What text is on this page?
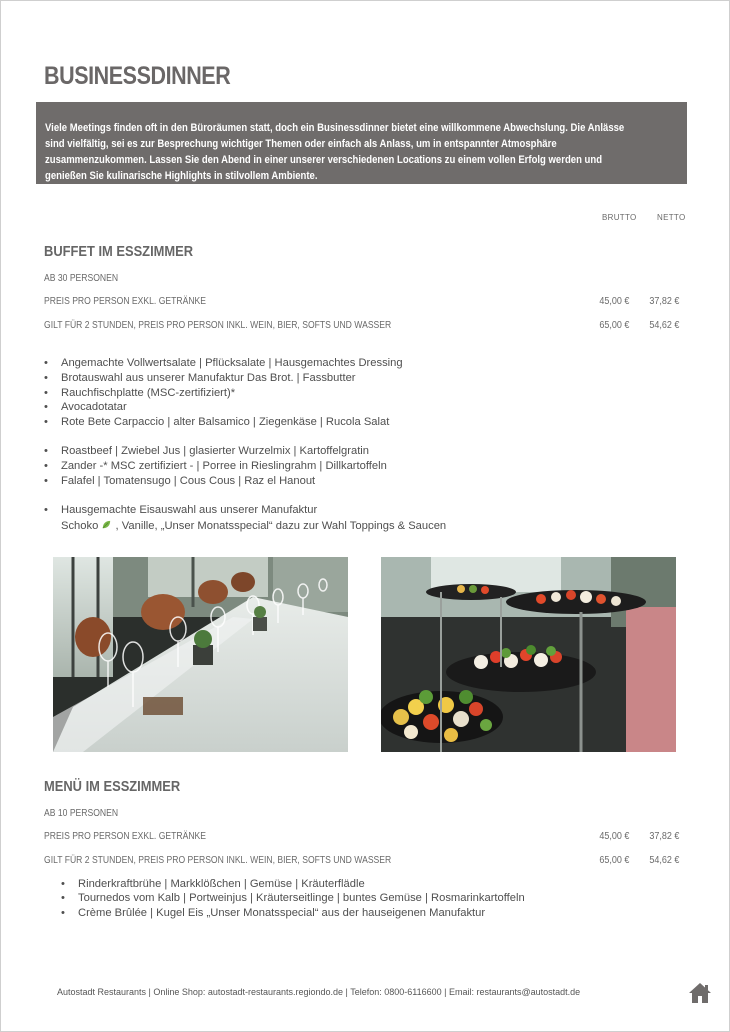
BUSINESSDINNER
Viele Meetings finden oft in den Büroräumen statt, doch ein Businessdinner bietet eine willkommene Abwechslung. Die Anlässe sind vielfältig, sei es zur Besprechung wichtiger Themen oder einfach als Anlass, um in entspannter Atmosphäre zusammenzukommen. Lassen Sie den Abend in einer unserer verschiedenen Locations zu einem vollen Erfolg werden und genießen Sie kulinarische Highlights in stilvollem Ambiente.
BRUTTO	NETTO
BUFFET IM ESSZIMMER
AB 30 PERSONEN
PREIS PRO PERSON EXKL. GETRÄNKE	45,00 € 37,82 €
GILT FÜR 2 STUNDEN, PREIS PRO PERSON INKL. WEIN, BIER, SOFTS UND WASSER	65,00 € 54,62 €
• Angemachte Vollwertsalate | Pflücksalate | Hausgemachtes Dressing
• Brotauswahl aus unserer Manufaktur Das Brot. | Fassbutter
• Rauchfischplatte (MSC-zertifiziert)*
• Avocadotatar
• Rote Bete Carpaccio | alter Balsamico | Ziegenkäse | Rucola Salat
• Roastbeef | Zwiebel Jus | glasierter Wurzelmix | Kartoffelgratin
• Zander -* MSC zertifiziert - | Porree in Rieslingrahm | Dillkartoffeln
• Falafel | Tomatensugo | Cous Cous | Raz el Hanout
• Hausgemachte Eisauswahl aus unserer Manufaktur
Schoko , Vanille, „Unser Monatsspecial“ dazu zur Wahl Toppings & Saucen
MENÜ IM ESSZIMMER
AB 10 PERSONEN
PREIS PRO PERSON EXKL. GETRÄNKE	45,00 € 37,82 €
GILT FÜR 2 STUNDEN, PREIS PRO PERSON INKL. WEIN, BIER, SOFTS UND WASSER	65,00 € 54,62 €
• Rinderkraftbrühe | Markklößchen | Gemüse | Kräuterflädle
• Tournedos vom Kalb | Portweinjus | Kräuterseitlinge | buntes Gemüse | Rosmarinkartoffeln
• Crème Brûlée | Kugel Eis „Unser Monatsspecial“ aus der hauseigenen Manufaktur
Autostadt Restaurants | Online Shop: autostadt-restaurants.regiondo.de | Telefon: 0800-6116600 | Email: restaurants@autostadt.de
